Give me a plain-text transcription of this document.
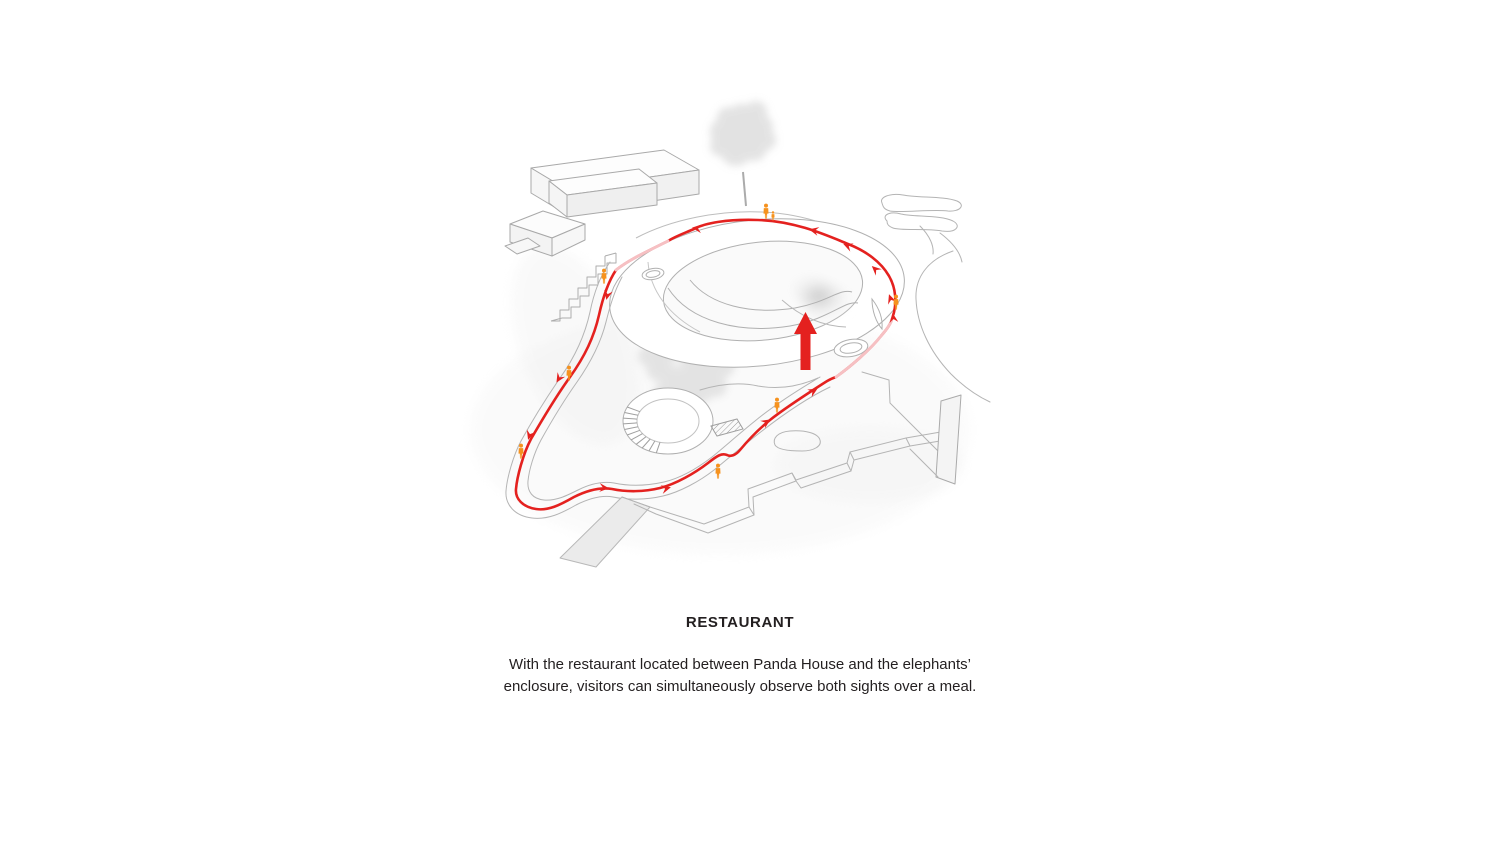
RESTAURANT

With the restaurant located between Panda House and the elephants’ enclosure, visitors can simultaneously observe both sights over a meal.
